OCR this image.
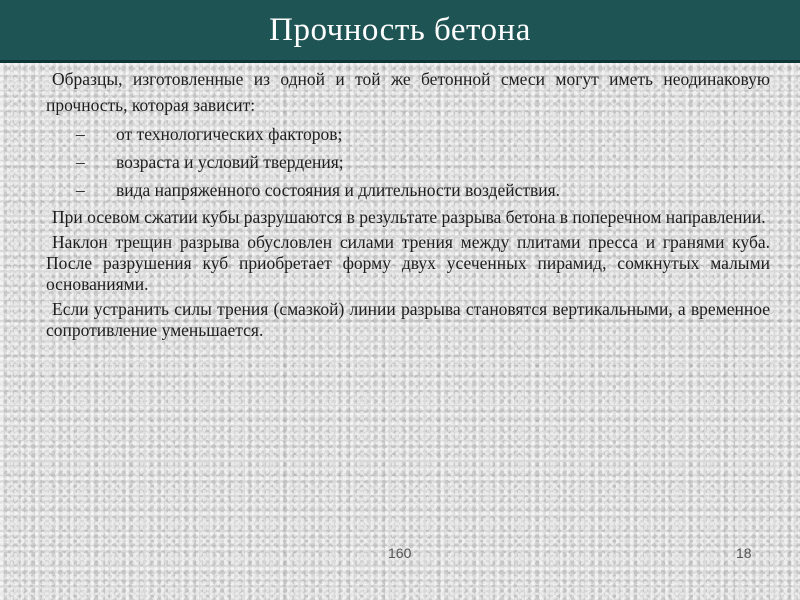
Прочность бетона

Образцы, изготовленные из одной и той же бетонной смеси могут иметь неодинаковую прочность, которая зависит:

– от технологических факторов;
– возраста и условий твердения;
– вида напряженного состояния и длительности воздействия.

При осевом сжатии кубы разрушаются в результате разрыва бетона в поперечном направлении.

Наклон трещин разрыва обусловлен силами трения между плитами пресса и гранями куба. После разрушения куб приобретает форму двух усеченных пирамид, сомкнутых малыми основаниями.

Если устранить силы трения (смазкой) линии разрыва становятся вертикальными, а временное сопротивление уменьшается.

160	18
